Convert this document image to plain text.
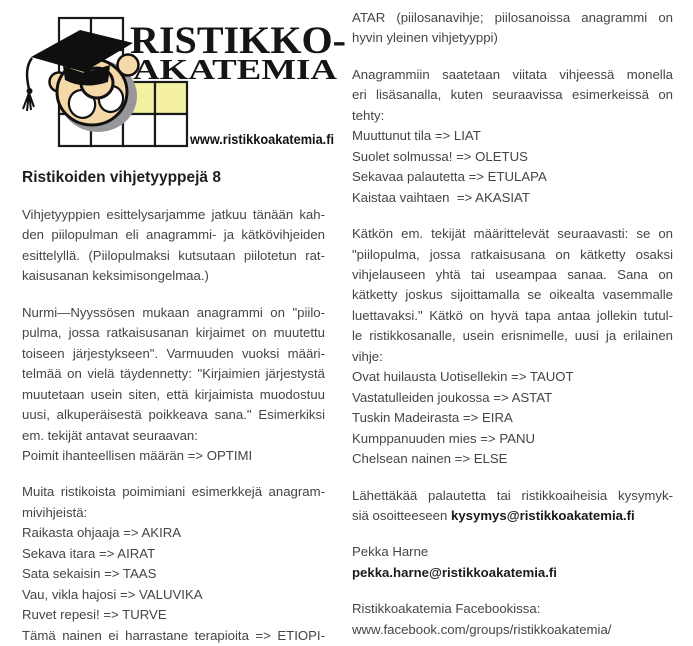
RISTIKKO-
AKATEMIA
www.ristikkoakatemia.fi
Ristikoiden vihjetyyppejä 8
Vihjetyyppien esittelysarjamme jatkuu tänään kah-
den piilopulman eli anagrammi- ja kätkövihjeiden
esittelyllä. (Piilopulmaksi kutsutaan piilotetun rat-
kaisusanan keksimisongelmaa.)
Nurmi—Nyyssösen mukaan anagrammi on "piilo-
pulma, jossa ratkaisusanan kirjaimet on muutettu
toiseen järjestykseen". Varmuuden vuoksi määri-
telmää on vielä täydennetty: "Kirjaimien järjestystä
muutetaan usein siten, että kirjaimista muodostuu
uusi, alkuperäisestä poikkeava sana." Esimerkiksi
em. tekijät antavat seuraavan:
Poimit ihanteellisen määrän => OPTIMI
Muita ristikoista poimimiani esimerkkejä anagram-
mivihjeistä:
Raikasta ohjaaja => AKIRA
Sekava itara => AIRAT
Sata sekaisin => TAAS
Vau, vikla hajosi => VALUVIKA
Ruvet repesi! => TURVE
Tämä nainen ei harrastane terapioita => ETIOPI-
ATAR (piilosanavihje; piilosanoissa anagrammi on
hyvin yleinen vihjetyyppi)
Anagrammiin saatetaan viitata vihjeessä monella
eri lisäsanalla, kuten seuraavissa esimerkeissä on
tehty:
Muuttunut tila => LIAT
Suolet solmussa! => OLETUS
Sekavaa palautetta => ETULAPA
Kaistaa vaihtaen  => AKASIAT
Kätkön em. tekijät määrittelevät seuraavasti: se on
"piilopulma, jossa ratkaisusana on kätketty osaksi
vihjelauseen yhtä tai useampaa sanaa. Sana on
kätketty joskus sijoittamalla se oikealta vasemmalle
luettavaksi." Kätkö on hyvä tapa antaa jollekin tutul-
le ristikkosanalle, usein erisnimelle, uusi ja erilainen
vihje:
Ovat huilausta Uotisellekin => TAUOT
Vastatulleiden joukossa => ASTAT
Tuskin Madeirasta => EIRA
Kumppanuuden mies => PANU
Chelsean nainen => ELSE
Lähettäkää palautetta tai ristikkoaiheisia kysymyk-
siä osoitteeseen kysymys@ristikkoakatemia.fi
Pekka Harne
pekka.harne@ristikkoakatemia.fi
Ristikkoakatemia Facebookissa:
www.facebook.com/groups/ristikkoakatemia/
